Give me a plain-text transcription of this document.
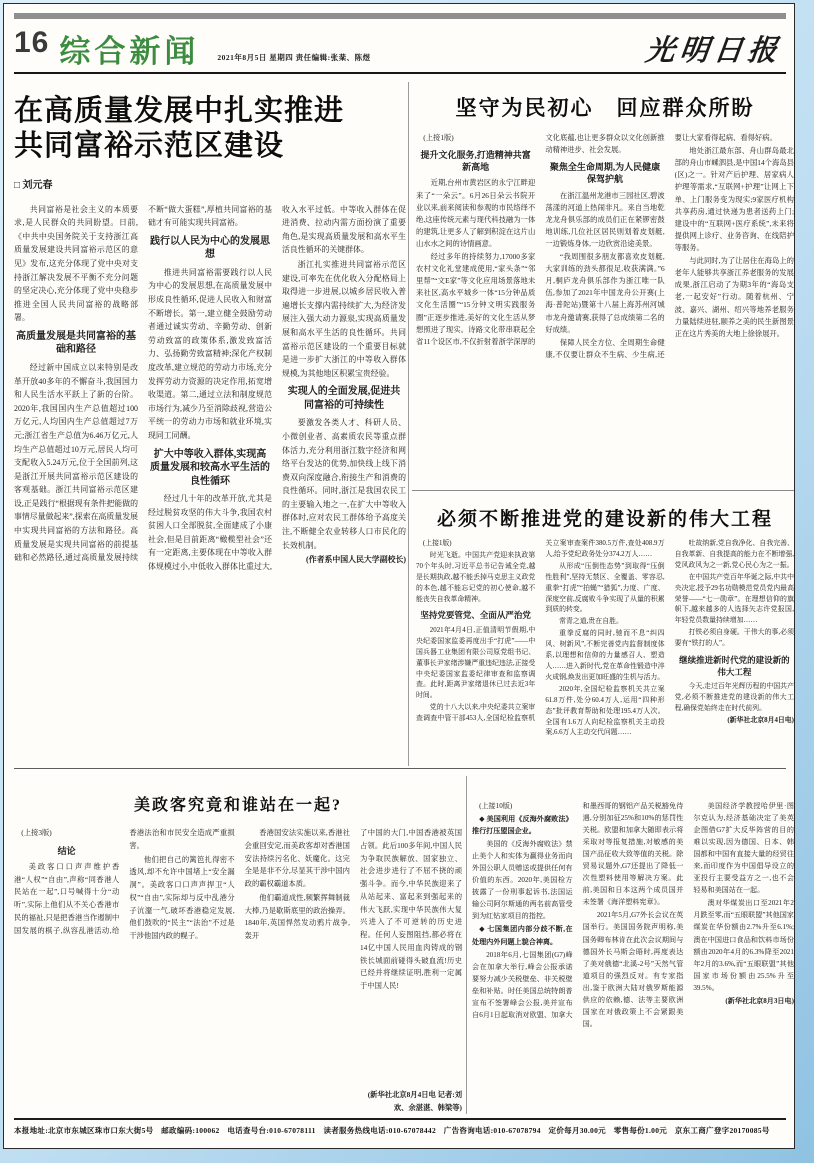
16 综合新闻 2021年8月5日 星期四 责任编辑:张棻、陈煜	光明日报
在高质量发展中扎实推进
共同富裕示范区建设
□ 刘元春

共同富裕是社会主义的本质要求,是人民群众的共同盼望。日前,《中共中央国务院关于支持浙江高质量发展建设共同富裕示范区的意见》发布,这充分体现了党中央对支持浙江解决发展不平衡不充分问题的坚定决心,充分体现了党中央稳步推进全国人民共同富裕的战略部署。

高质量发展是共同富裕的基础和路径

经过新中国成立以来特别是改革开放40多年的不懈奋斗,我国国力和人民生活水平跃上了新的台阶。2020年,我国国内生产总值超过100万亿元,人均国内生产总值超过7万元;浙江省生产总值为6.46万亿元,人均生产总值超过10万元,居民人均可支配收入5.24万元,位于全国前列,这是浙江开展共同富裕示范区建设的客观基础。浙江共同富裕示范区建设,正是践行“根据现有条件把能做的事情尽量做起来”,探索在高质量发展中实现共同富裕的方法和路径。高质量发展是实现共同富裕的前提基础和必然路径,通过高质量发展持续不断“做大蛋糕”,厚植共同富裕的基础才有可能实现共同富裕。

践行以人民为中心的发展思想

推进共同富裕需要践行以人民为中心的发展思想,在高质量发展中形成良性循环,促进人民收入和财富不断增长。第一,建立健全鼓励劳动者通过诚实劳动、辛勤劳动、创新劳动致富的政策体系,激发致富活力、弘扬勤劳致富精神;深化产权制度改革,建立规范的劳动力市场,充分发挥劳动力资源的决定作用,拓宽增收渠道。第二,通过立法和制度规范市场行为,减少乃至消除歧视,营造公平统一的劳动力市场和就业环境,实现同工同酬。

扩大中等收入群体,实现高质量发展和较高水平生活的良性循环

经过几十年的改革开放,尤其是经过脱贫攻坚的伟大斗争,我国农村贫困人口全部脱贫,全面建成了小康社会,但是目前距离“橄榄型社会”还有一定距离,主要体现在中等收入群体规模过小,中低收入群体比重过大,收入水平过低。中等收入群体在促进消费、拉动内需方面扮演了重要角色,是实现高质量发展和高水平生活良性循环的关键群体。

浙江扎实推进共同富裕示范区建设,可率先在优化收入分配格局上取得进一步进展,以城乡居民收入普遍增长支撑内需持续扩大,为经济发展注入强大动力源泉,实现高质量发展和高水平生活的良性循环。共同富裕示范区建设的一个重要目标就是进一步扩大浙江的中等收入群体规模,为其他地区积累宝贵经验。

实现人的全面发展,促进共同富裕的可持续性

要激发各类人才、科研人员、小微创业者、高素质农民等重点群体活力,充分利用浙江数字经济和网络平台发达的优势,加快线上线下消费双向深度融合,衔接生产和消费的良性循环。同时,浙江是我国农民工的主要输入地之一,在扩大中等收入群体时,应对农民工群体给予高度关注,不断健全农业转移人口市民化的长效机制。

(作者系中国人民大学副校长)

坚守为民初心　回应群众所盼

(上接1版)

提升文化服务,打造精神共富新高地

近期,台州市黄岩区的永宁江畔迎来了“一朵云”。6月26日朵云书院开业以来,前来阅读和参观的市民络绎不绝,这座传统元素与现代科技融为一体的建筑,让更多人了解到积淀在这片山山水水之间的诗情画意。

经过多年的持续努力,17000多家农村文化礼堂建成使用,“家头条”“邻里帮”“文E家”等文化应用场景落地未来社区,高水平城乡一体“15分钟品质文化生活圈”“15分钟文明实践服务圈”正逐步推进,美好的文化生活从梦想照进了现实。诗路文化带串联起全省11个设区市,不仅折射着浙学深厚的文化底蕴,也让更多群众以文化创新推动精神进步、社会发展。

聚焦全生命周期,为人民健康保驾护航

在浙江温州龙港市三园社区,碧波荡漾的河道上热闹非凡。来自当地乾龙龙舟俱乐部的成员们正在紧锣密鼓地训练,几位社区居民则划着皮划艇,一边锻炼身体,一边欣赏沿途美景。

“我周围很多朋友都喜欢皮划艇,大家训练的劲头都很足,收获满满。”6月,桐庐龙舟俱乐部作为浙江唯一队伍,参加了2021年中国龙舟公开赛(上海·普陀站)暨第十八届上海苏州河城市龙舟邀请赛,获得了总成绩第二名的好成绩。

保障人民全方位、全周期生命健康,不仅要让群众不生病、少生病,还要让大家看得起病、看得好病。

地处浙江最东部、舟山群岛最北部的舟山市嵊泗县,是中国14个海岛县(区)之一。针对产后护理、居家病人护理等需求,“互联网+护理”让网上下单、上门服务变为现实;9家医疗机构共享药房,通过快递为患者送药上门;建设中的“互联网+医疗系统”,未来将提供网上诊疗、业务咨询、在线陪护等服务。

与此同时,为了让居住在海岛上的老年人能够共享浙江养老服务的发展成果,浙江启动了为期3年的“海岛支老,一起安好”行动。随着杭州、宁波、嘉兴、湖州、绍兴等地养老服务力量陆续进驻,颐养之美的民生新图景正在这片秀美的大地上徐徐展开。

必须不断推进党的建设新的伟大工程

(上接1版)

时光飞逝。中国共产党迎来执政第70个年头时,习近平总书记告诫全党,越是长期执政,越不能丢掉马克思主义政党的本色,越不能忘记党的初心使命,越不能丧失自我革命精神。

坚持党要管党、全面从严治党

2021年4月4日,正值清明节假期,中央纪委国家监委再度出手“打虎”——中国兵器工业集团有限公司原党组书记、董事长尹家绪涉嫌严重违纪违法,正接受中央纪委国家监委纪律审查和监察调查。此时,距离尹家绪退休已过去近3年时间。

党的十八大以来,中央纪委共立案审查调查中管干部453人,全国纪检监察机关立案审查案件380.5万件,查处408.9万人,给予党纪政务处分374.2万人……

从形成“压倒性态势”到取得“压倒性胜利”,坚持无禁区、全覆盖、零容忍,重拳“打虎”“拍蝇”“猎狐”,力度、广度、深度空前,反腐败斗争实现了从量的积累到质的转变。

常青之道,贵在自胜。

重拳反腐的同时,驰而不息“纠四风、树新风”,不断完善党内监督制度体系,以理想和信仰的力量感召人、塑造人……进入新时代,党在革命性锻造中淬火成钢,焕发出更加旺盛的生机与活力。

2020年,全国纪检监察机关共立案61.8万件,处分60.4万人,运用“四种形态”批评教育帮助和处理195.4万人次。全国有1.6万人向纪检监察机关主动投案,6.6万人主动交代问题……

吐故纳新,党自我净化、自我完善、自我革新、自我提高的能力在不断增强,党风政风为之一新,党心民心为之一振。

在中国共产党百年华诞之际,中共中央决定,授予29名功勋模范党员党内最高荣誉——“七一勋章”。在理想信仰的旗帜下,越来越多的人选择矢志许党报国,年轻党员数量持续增加……

打铁必须自身硬。干伟大的事,必须要有“铁打的人”。

继续推进新时代党的建设新的伟大工程

今天,走过百年光辉历程的中国共产党,必须不断推进党的建设新的伟大工程,确保党始终走在时代前列。

(新华社北京8月4日电)

美政客究竟和谁站在一起?

(上接3版)

结论

美政客口口声声维护香港“人权”“自由”,声称“同香港人民站在一起”,口号喊得十分“动听”,实际上他们从不关心香港市民的福祉,只是把香港当作遏制中国发展的棋子,纵容乱港活动,给香港法治和市民安全造成严重损害。

他们把自己的篱笆扎得密不透风,却不允许中国堵上“安全漏洞”。美政客口口声声捍卫“人权”“自由”,实际却与反中乱港分子沆瀣一气,破坏香港稳定发展,他们鼓吹的“民主”“法治”不过是干涉他国内政的幌子。

香港国安法实施以来,香港社会重回安定,而美政客却对香港国安法持续污名化、妖魔化。这完全是是非不分,尽显其干涉中国内政的霸权霸道本质。

他们霸道成性,频繁挥舞制裁大棒,乃是歇斯底里的政治操弄。1840年,英国悍然发动鸦片战争,轰开

了中国的大门,中国香港被英国占领。此后100多年间,中国人民为争取民族解放、国家独立、社会进步进行了不屈不挠的顽强斗争。而今,中华民族迎来了从站起来、富起来到强起来的伟大飞跃,实现中华民族伟大复兴进入了不可逆转的历史进程。任何人妄图阻挡,都必将在14亿中国人民用血肉铸成的钢铁长城面前碰得头破血流!历史已经并将继续证明,胜利一定属于中国人民!

(新华社北京8月4日电 记者:刘欢、余湛湛、韩梁等)

(上接10版)

◆ 美国利用《反海外腐败法》推行打压盟国企业。

美国的《反海外腐败法》禁止美个人和实体为赢得业务而向外国公职人员赠送或提供任何有价值的东西。2020年,美国检方披露了一份刑事起诉书,法国运输公司阿尔斯通的两名前高管受到为红钻家项目的指控。

◆ 七国集团内部分歧不断,在处理内外问题上貌合神离。

2018年6月,七国集团(G7)峰会在加拿大举行,峰会公报承诺要努力减少关税壁垒、非关税壁垒和补贴。时任美国总统特朗普宣布不签署峰会公报,美并宣布自6月1日起取消对欧盟、加拿大和墨西哥的钢铝产品关税豁免待遇,分别加征25%和10%的惩罚性关税。欧盟和加拿大随即表示将采取对等报复措施,对敏感的美国产品征收大致等值的关税。除贸易议题外,G7还提出了降低一次性塑料使用等解决方案。此前,美国和日本这两个成员国并未签署《海洋塑料宪章》。

2021年5月,G7外长会议在英国举行。美国国务院声明称,美国务卿布林肯在此次会议期间与德国外长马斯会晤时,再度表达了美对俄德“北溪-2号”天然气管道项目的强烈反对。有专家指出,鉴于欧洲大陆对俄罗斯能源供应的依赖,德、法等主要欧洲国家在对俄政策上不会紧跟美国。

美国经济学教授哈伊里·图尔克认为,经济基础决定了美英企图借G7扩大反华阵营的目的难以实现,因为德国、日本、韩国都和中国有直接大量的经贸往来,而印度作为中国倡导设立的亚投行主要受益方之一,也不会轻易和美国站在一起。

澳对华煤炭出口至2021年2月跌至零,而“五眼联盟”其他国家煤炭在华份额由2.7%升至6.1%;澳在中国进口食品和饮料市场份额由2020年4月的6.3%降至2021年2月的3.6%,而“五眼联盟”其他国家市场份额由25.5%升至39.5%。

(新华社北京8月3日电)

本报地址:北京市东城区珠市口东大街5号　邮政编码:100062　电话查号台:010-67078111　读者服务热线电话:010-67078442　广告咨询电话:010-67078794　定价每月30.00元　零售每份1.00元　京东工商广登字20170085号
